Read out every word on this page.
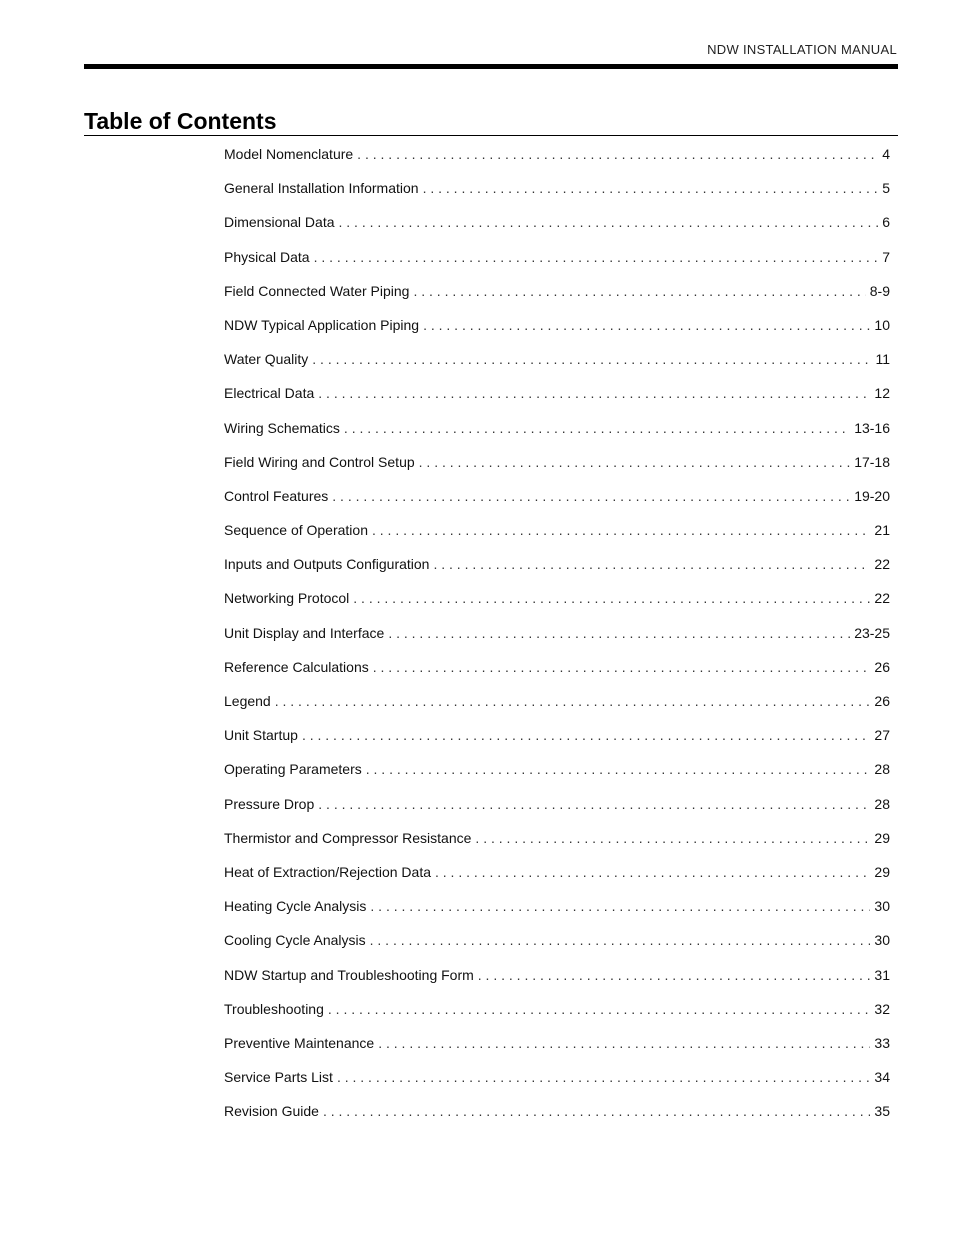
NDW INSTALLATION MANUAL
Table of Contents
Model Nomenclature . . .	4
General Installation Information . . .	5
Dimensional Data . . .	6
Physical Data . . .	7
Field Connected Water Piping . . .	8-9
NDW Typical Application Piping . . .	10
Water Quality . . .	11
Electrical Data . . .	12
Wiring Schematics . . .	13-16
Field Wiring and Control Setup . . .	17-18
Control Features . . .	19-20
Sequence of Operation . . .	21
Inputs and Outputs Configuration . . .	22
Networking Protocol . . .	22
Unit Display and Interface . . .	23-25
Reference Calculations . . .	26
Legend . . .	26
Unit Startup . . .	27
Operating Parameters . . .	28
Pressure Drop . . .	28
Thermistor and Compressor Resistance . . .	29
Heat of Extraction/Rejection Data . . .	29
Heating Cycle Analysis . . .	30
Cooling Cycle Analysis . . .	30
NDW Startup and Troubleshooting Form . . .	31
Troubleshooting . . .	32
Preventive Maintenance . . .	33
Service Parts List . . .	34
Revision Guide . . .	35
